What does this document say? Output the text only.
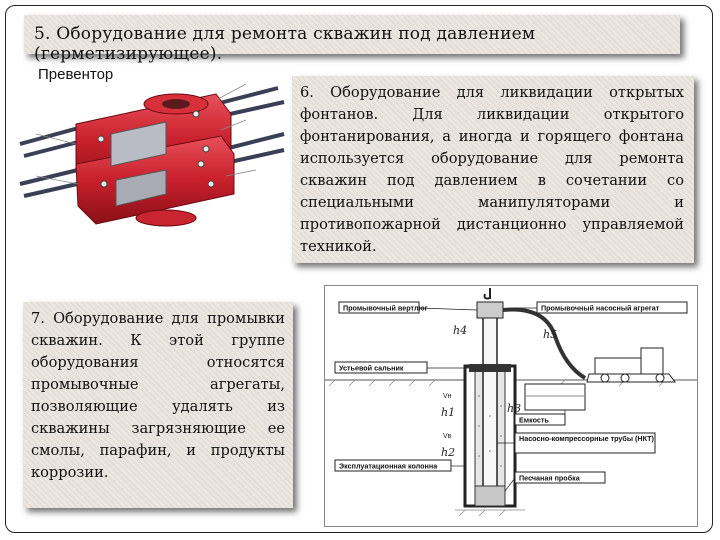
5. Оборудование для ремонта скважин под давлением (герметизирующее).

Превентор

6. Оборудование для ликвидации открытых фонтанов. Для ликвидации открытого фонтанирования, а иногда и горящего фонтана используется оборудование для ремонта скважин под давлением в сочетании со специальными манипуляторами и противопожарной дистанционно управляемой техникой.

7. Оборудование для промывки скважин. К этой группе оборудования относятся промывочные агрегаты, позволяющие удалять из скважины загрязняющие ее смолы, парафин, и продукты коррозии.

Промывочный вертлюг	Промывочный насосный агрегат
Устьевой сальник
Емкость
Насосно-компрессорные трубы (НКТ)
Эксплуатационная колонна
Песчаная пробка
h4	h5
h1
h2
h3
Vн
Vв
